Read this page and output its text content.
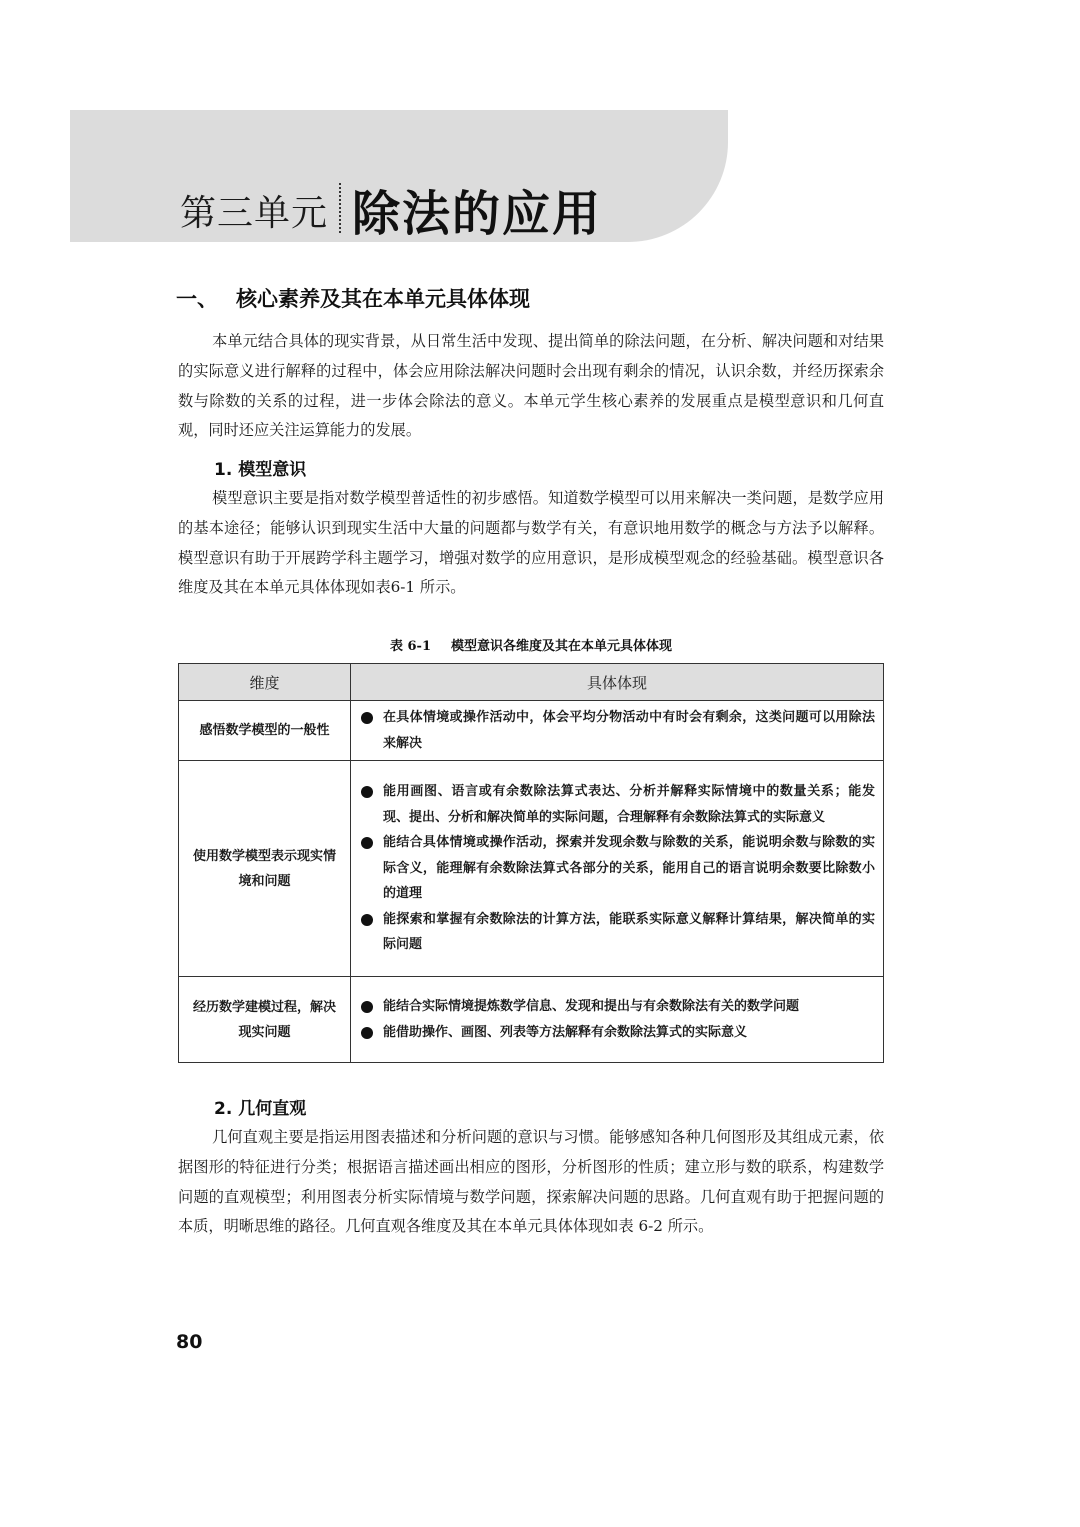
第三单元 除法的应用
一、 核心素养及其在本单元具体体现

本单元结合具体的现实背景，从日常生活中发现、提出简单的除法问题，在分析、解决问题和对结果的实际意义进行解释的过程中，体会应用除法解决问题时会出现有剩余的情况，认识余数，并经历探索余数与除数的关系的过程，进一步体会除法的意义。本单元学生核心素养的发展重点是模型意识和几何直观，同时还应关注运算能力的发展。

1. 模型意识

模型意识主要是指对数学模型普适性的初步感悟。知道数学模型可以用来解决一类问题，是数学应用的基本途径；能够认识到现实生活中大量的问题都与数学有关，有意识地用数学的概念与方法予以解释。模型意识有助于开展跨学科主题学习，增强对数学的应用意识，是形成模型观念的经验基础。模型意识各维度及其在本单元具体体现如表6-1 所示。

表 6-1 模型意识各维度及其在本单元具体体现
维度	具体体现
感悟数学模型的一般性	在具体情境或操作活动中，体会平均分物活动中有时会有剩余，这类问题可以用除法来解决

使用数学模型表示现实情境和问题	能用画图、语言或有余数除法算式表达、分析并解释实际情境中的数量关系；能发现、提出、分析和解决简单的实际问题，合理解释有余数除法算式的实际意义
能结合具体情境或操作活动，探索并发现余数与除数的关系，能说明余数与除数的实际含义，能理解有余数除法算式各部分的关系，能用自己的语言说明余数要比除数小的道理
能探索和掌握有余数除法的计算方法，能联系实际意义解释计算结果，解决简单的实际问题

经历数学建模过程，解决现实问题	能结合实际情境提炼数学信息、发现和提出与有余数除法有关的数学问题
能借助操作、画图、列表等方法解释有余数除法算式的实际意义
2. 几何直观

几何直观主要是指运用图表描述和分析问题的意识与习惯。能够感知各种几何图形及其组成元素，依据图形的特征进行分类；根据语言描述画出相应的图形，分析图形的性质；建立形与数的联系，构建数学问题的直观模型；利用图表分析实际情境与数学问题，探索解决问题的思路。几何直观有助于把握问题的本质，明晰思维的路径。几何直观各维度及其在本单元具体体现如表 6-2 所示。

80
